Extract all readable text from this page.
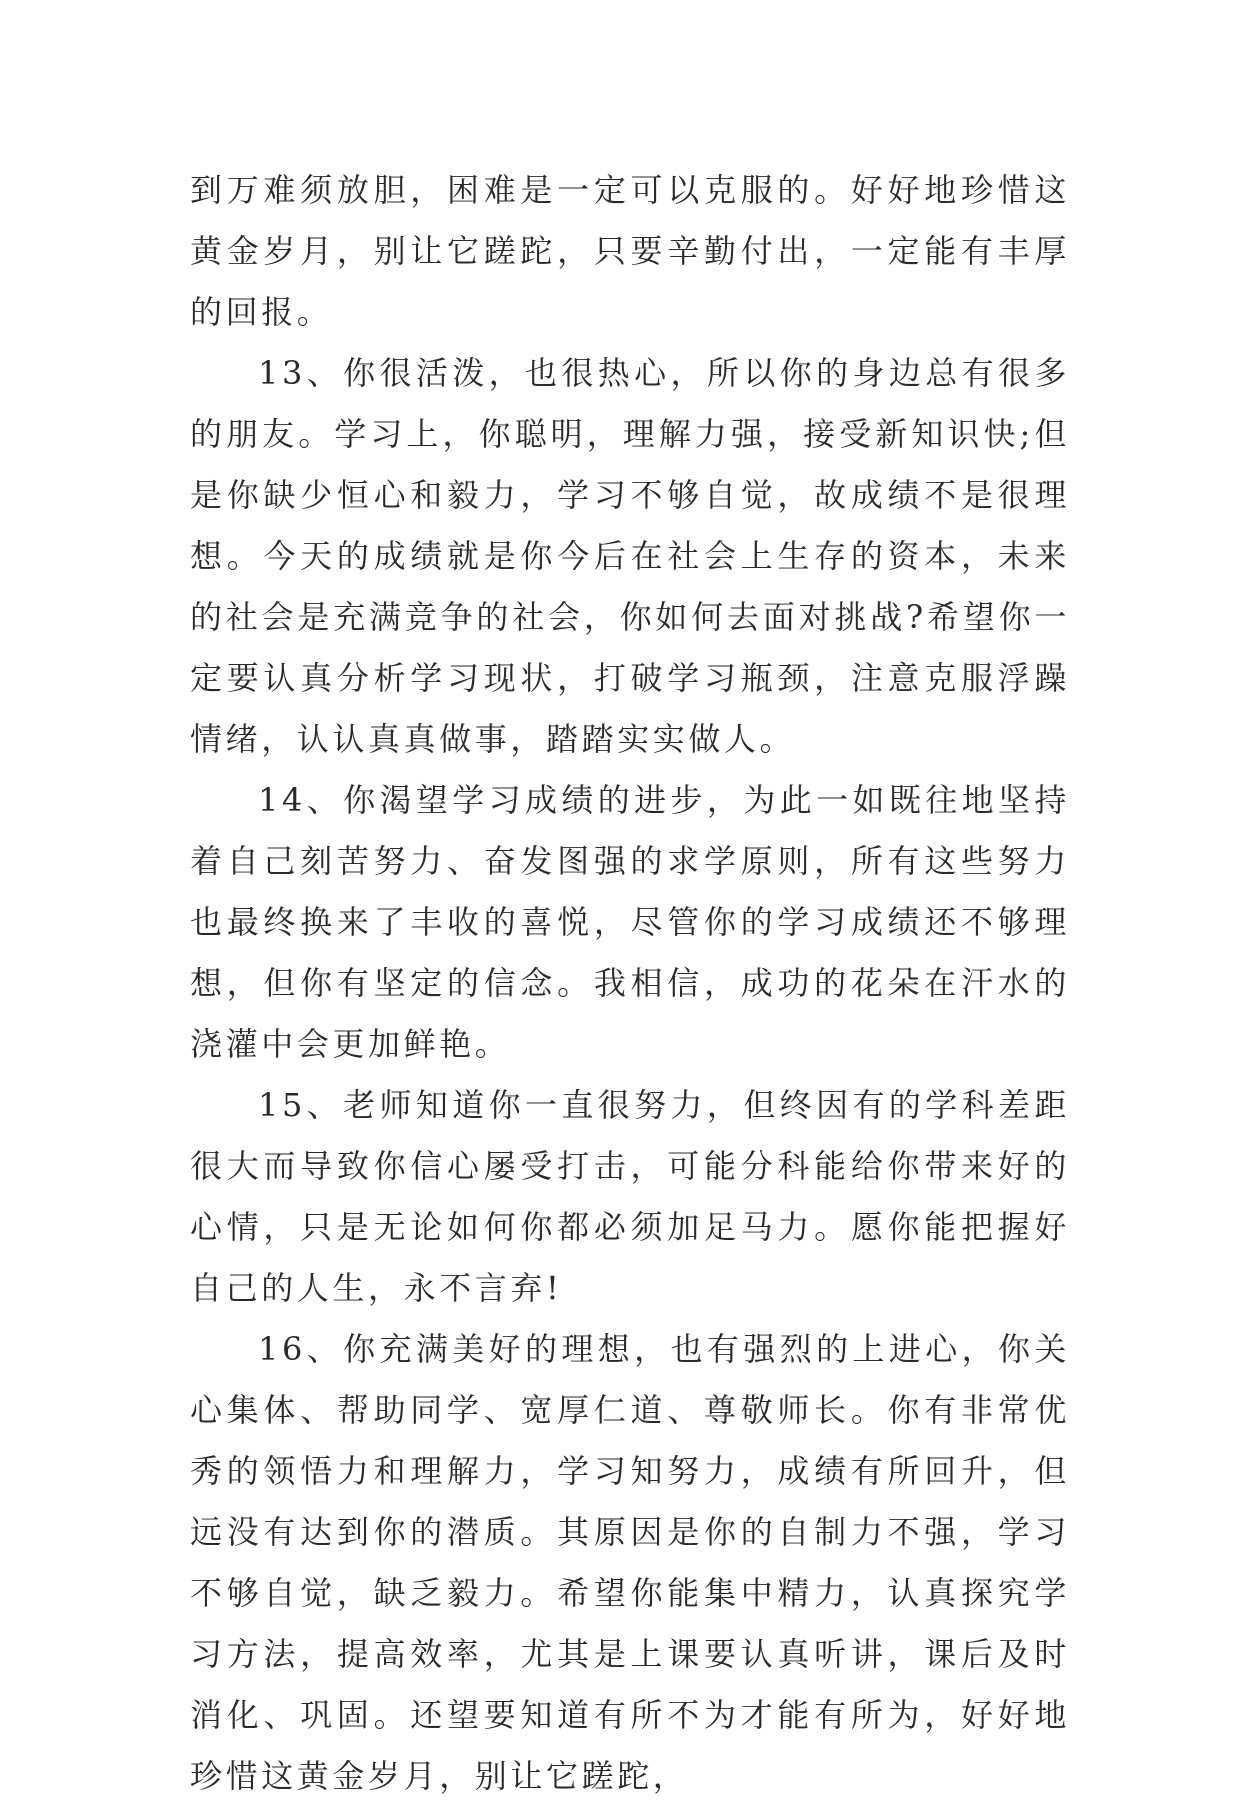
到万难须放胆，困难是一定可以克服的。好好地珍惜这黄金岁月，别让它蹉跎，只要辛勤付出，一定能有丰厚的回报。

13、你很活泼，也很热心，所以你的身边总有很多的朋友。学习上，你聪明，理解力强，接受新知识快;但是你缺少恒心和毅力，学习不够自觉，故成绩不是很理想。今天的成绩就是你今后在社会上生存的资本，未来的社会是充满竞争的社会，你如何去面对挑战?希望你一定要认真分析学习现状，打破学习瓶颈，注意克服浮躁情绪，认认真真做事，踏踏实实做人。

14、你渴望学习成绩的进步，为此一如既往地坚持着自己刻苦努力、奋发图强的求学原则，所有这些努力也最终换来了丰收的喜悦，尽管你的学习成绩还不够理想，但你有坚定的信念。我相信，成功的花朵在汗水的浇灌中会更加鲜艳。

15、老师知道你一直很努力，但终因有的学科差距很大而导致你信心屡受打击，可能分科能给你带来好的心情，只是无论如何你都必须加足马力。愿你能把握好自己的人生，永不言弃!

16、你充满美好的理想，也有强烈的上进心，你关心集体、帮助同学、宽厚仁道、尊敬师长。你有非常优秀的领悟力和理解力，学习知努力，成绩有所回升，但远没有达到你的潜质。其原因是你的自制力不强，学习不够自觉，缺乏毅力。希望你能集中精力，认真探究学习方法，提高效率，尤其是上课要认真听讲，课后及时消化、巩固。还望要知道有所不为才能有所为，好好地珍惜这黄金岁月，别让它蹉跎，
